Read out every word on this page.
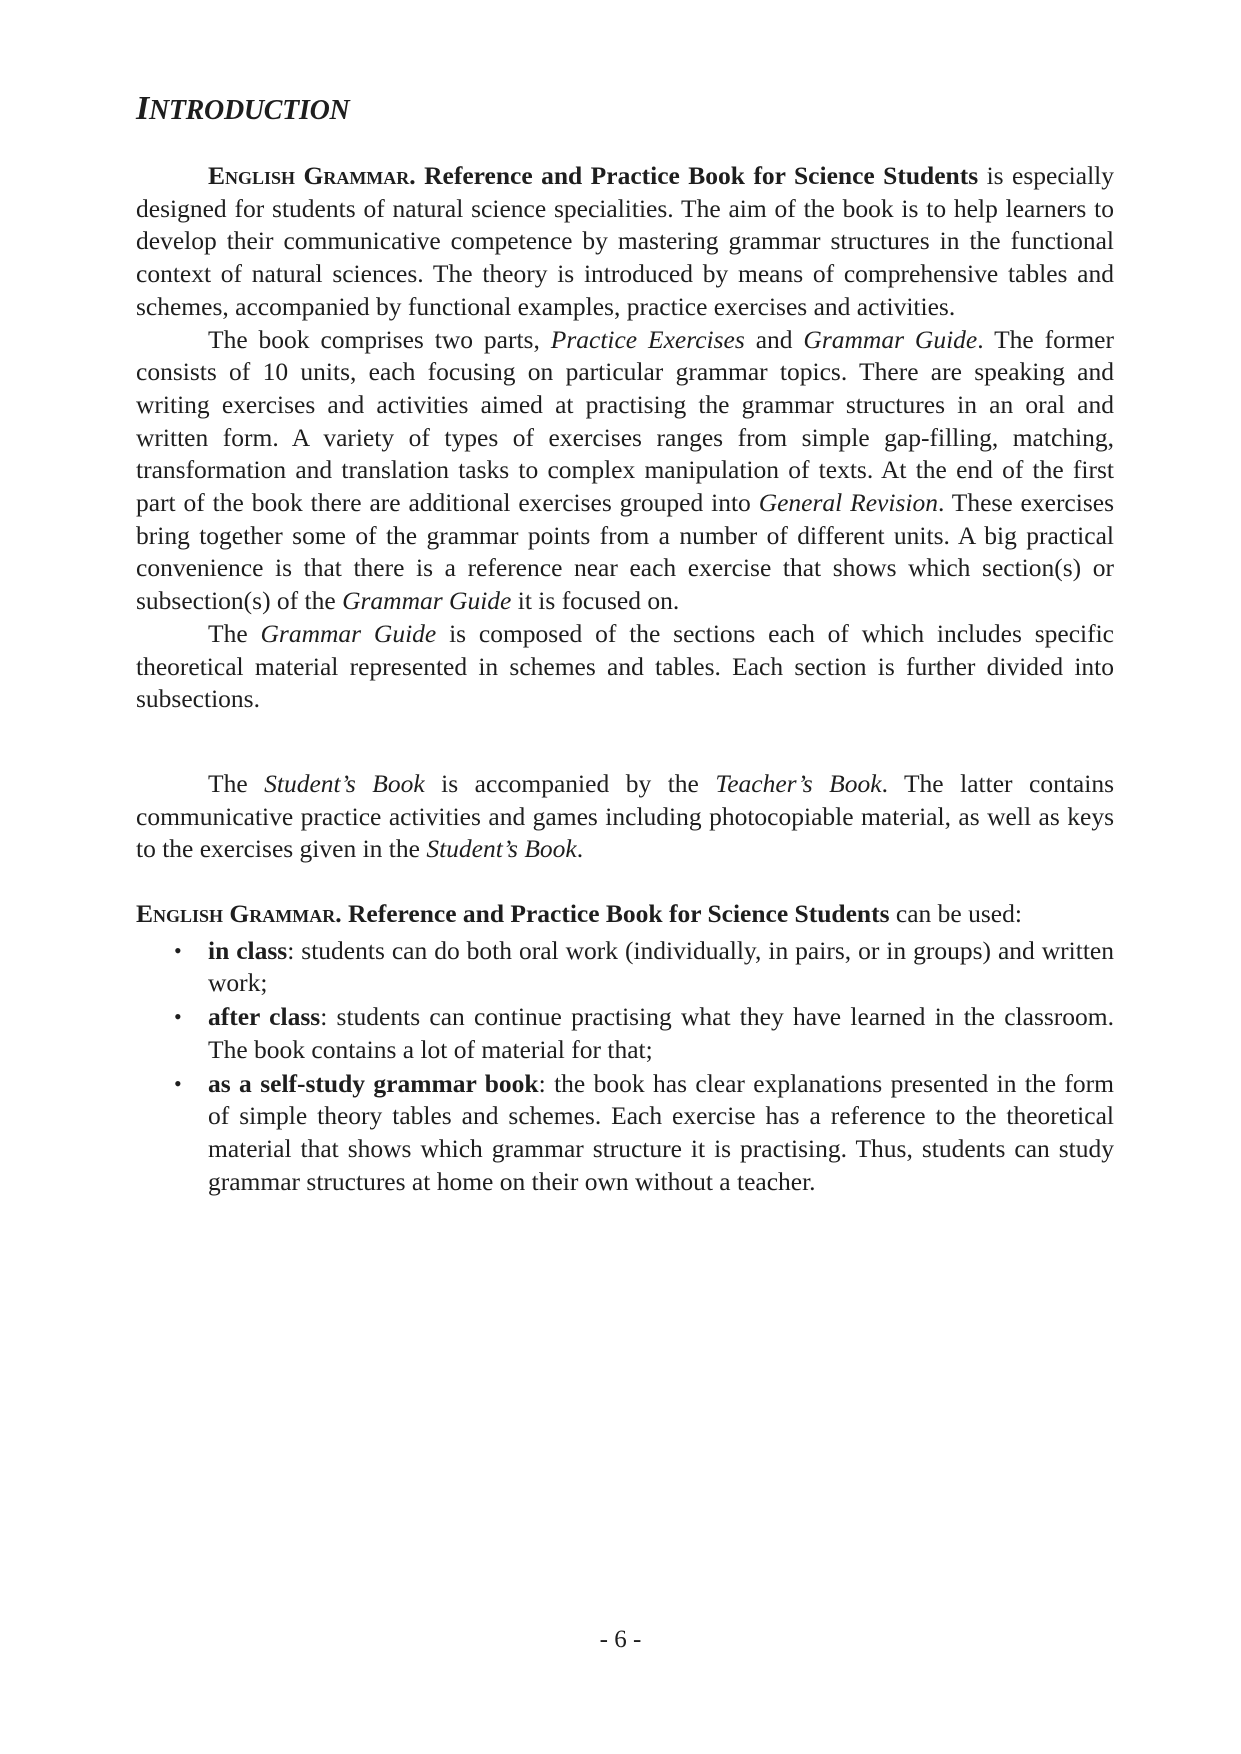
INTRODUCTION

English Grammar. Reference and Practice Book for Science Students is especially designed for students of natural science specialities. The aim of the book is to help learners to develop their communicative competence by mastering grammar structures in the functional context of natural sciences. The theory is introduced by means of comprehensive tables and schemes, accompanied by functional examples, practice exercises and activities.

The book comprises two parts, Practice Exercises and Grammar Guide. The former consists of 10 units, each focusing on particular grammar topics. There are speaking and writing exercises and activities aimed at practising the grammar structures in an oral and written form. A variety of types of exercises ranges from simple gap-filling, matching, transformation and translation tasks to complex manipulation of texts. At the end of the first part of the book there are additional exercises grouped into General Revision. These exercises bring together some of the grammar points from a number of different units. A big practical convenience is that there is a reference near each exercise that shows which section(s) or subsection(s) of the Grammar Guide it is focused on.

The Grammar Guide is composed of the sections each of which includes specific theoretical material represented in schemes and tables. Each section is further divided into subsections.

The Student’s Book is accompanied by the Teacher’s Book. The latter contains communicative practice activities and games including photocopiable material, as well as keys to the exercises given in the Student’s Book.

English Grammar. Reference and Practice Book for Science Students can be used:

• in class: students can do both oral work (individually, in pairs, or in groups) and written work;
• after class: students can continue practising what they have learned in the classroom. The book contains a lot of material for that;
• as a self-study grammar book: the book has clear explanations presented in the form of simple theory tables and schemes. Each exercise has a reference to the theoretical material that shows which grammar structure it is practising. Thus, students can study grammar structures at home on their own without a teacher.
- 6 -
